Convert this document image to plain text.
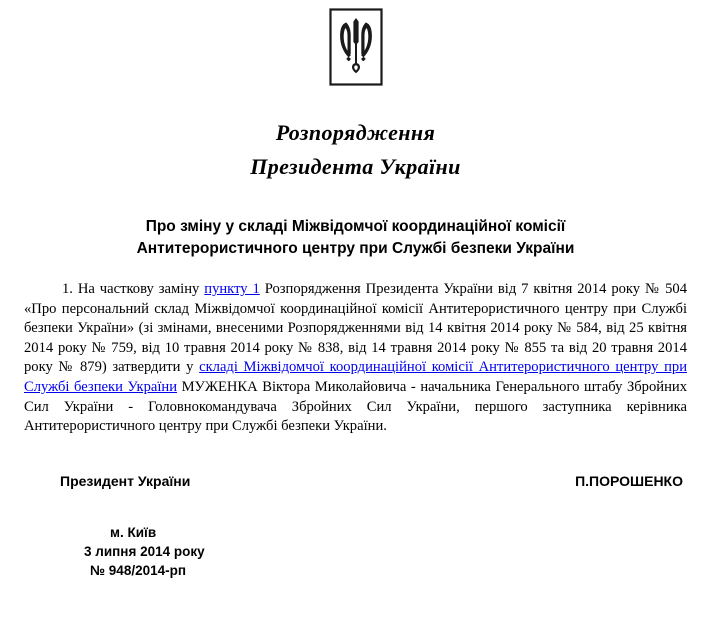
Розпорядження
Президента України
Про зміну у складі Міжвідомчої координаційної комісії
Антитерористичного центру при Службі безпеки України
1. На часткову заміну пункту 1 Розпорядження Президента України від 7 квітня 2014 року № 504 «Про персональний склад Міжвідомчої координаційної комісії Антитерористичного центру при Службі безпеки України» (зі змінами, внесеними Розпорядженнями від 14 квітня 2014 року № 584, від 25 квітня 2014 року № 759, від 10 травня 2014 року № 838, від 14 травня 2014 року № 855 та від 20 травня 2014 року № 879) затвердити у складі Міжвідомчої координаційної комісії Антитерористичного центру при Службі безпеки України МУЖЕНКА Віктора Миколайовича - начальника Генерального штабу Збройних Сил України - Головнокомандувача Збройних Сил України, першого заступника керівника Антитерористичного центру при Службі безпеки України.
Президент України	П.ПОРОШЕНКО
м. Київ
3 липня 2014 року
№ 948/2014-рп
